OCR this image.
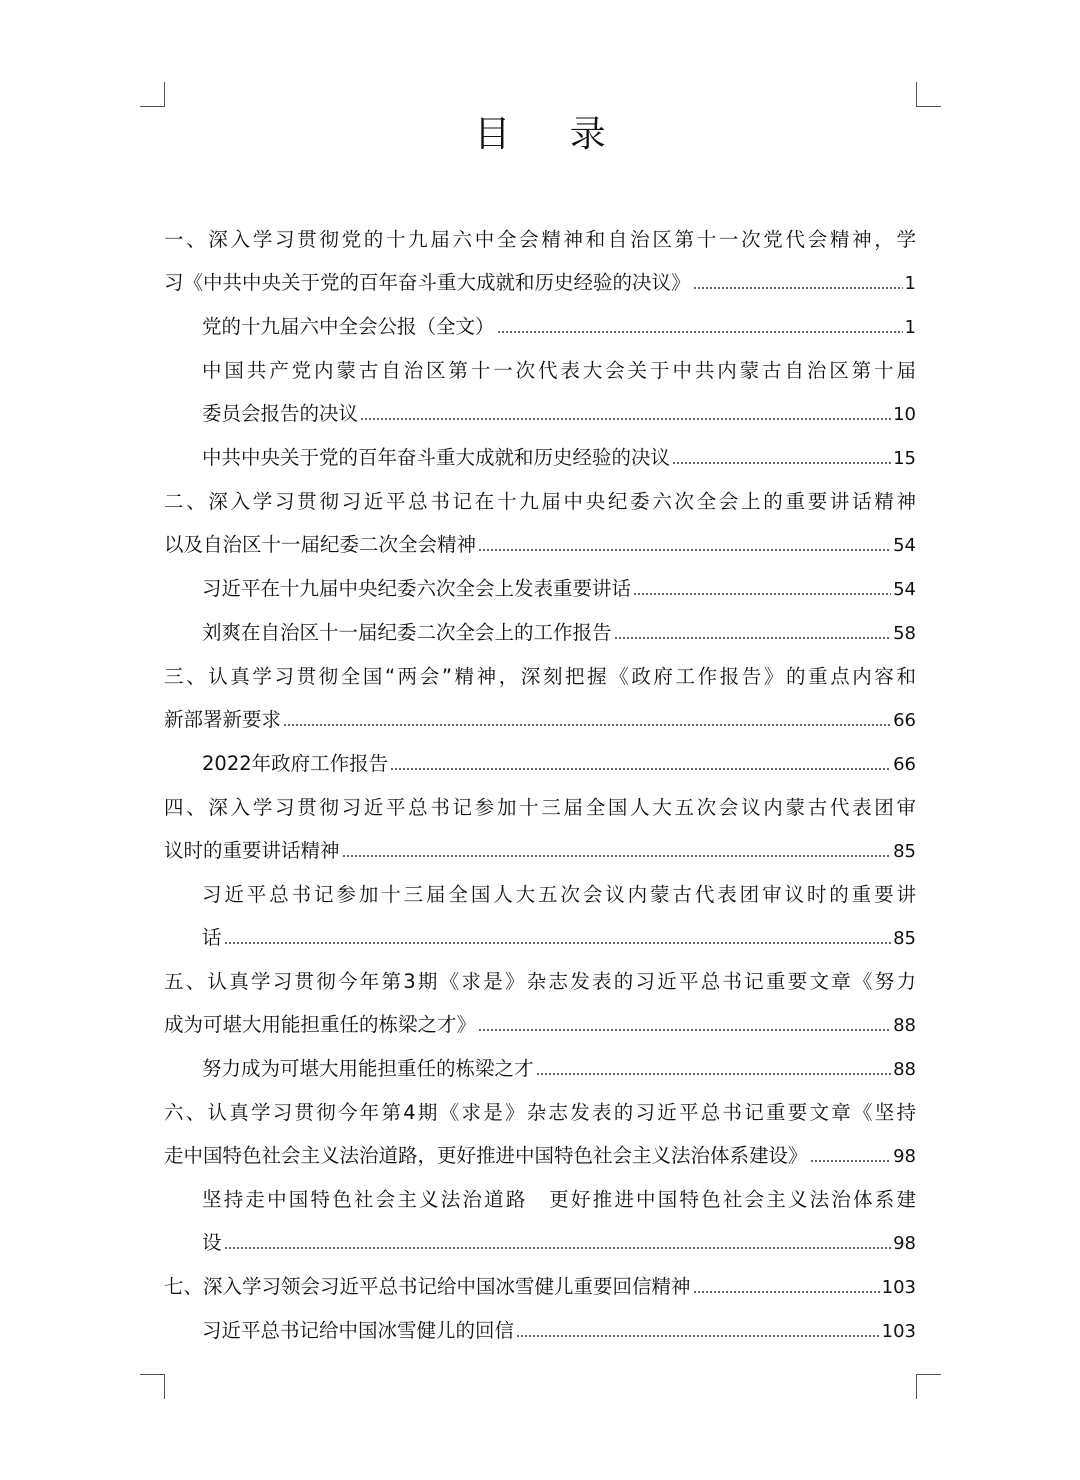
目 录
一、深入学习贯彻党的十九届六中全会精神和自治区第十一次党代会精神，学
习《中共中央关于党的百年奋斗重大成就和历史经验的决议》	1
党的十九届六中全会公报（全文）	1
中国共产党内蒙古自治区第十一次代表大会关于中共内蒙古自治区第十届
委员会报告的决议	10
中共中央关于党的百年奋斗重大成就和历史经验的决议	15
二、深入学习贯彻习近平总书记在十九届中央纪委六次全会上的重要讲话精神
以及自治区十一届纪委二次全会精神	54
习近平在十九届中央纪委六次全会上发表重要讲话	54
刘爽在自治区十一届纪委二次全会上的工作报告	58
三、认真学习贯彻全国“两会”精神，深刻把握《政府工作报告》的重点内容和
新部署新要求	66
2022年政府工作报告	66
四、深入学习贯彻习近平总书记参加十三届全国人大五次会议内蒙古代表团审
议时的重要讲话精神	85
习近平总书记参加十三届全国人大五次会议内蒙古代表团审议时的重要讲
话	85
五、认真学习贯彻今年第3期《求是》杂志发表的习近平总书记重要文章《努力
成为可堪大用能担重任的栋梁之才》	88
努力成为可堪大用能担重任的栋梁之才	88
六、认真学习贯彻今年第4期《求是》杂志发表的习近平总书记重要文章《坚持
走中国特色社会主义法治道路，更好推进中国特色社会主义法治体系建设》	98
坚持走中国特色社会主义法治道路　更好推进中国特色社会主义法治体系建
设	98
七、深入学习领会习近平总书记给中国冰雪健儿重要回信精神	103
习近平总书记给中国冰雪健儿的回信	103
